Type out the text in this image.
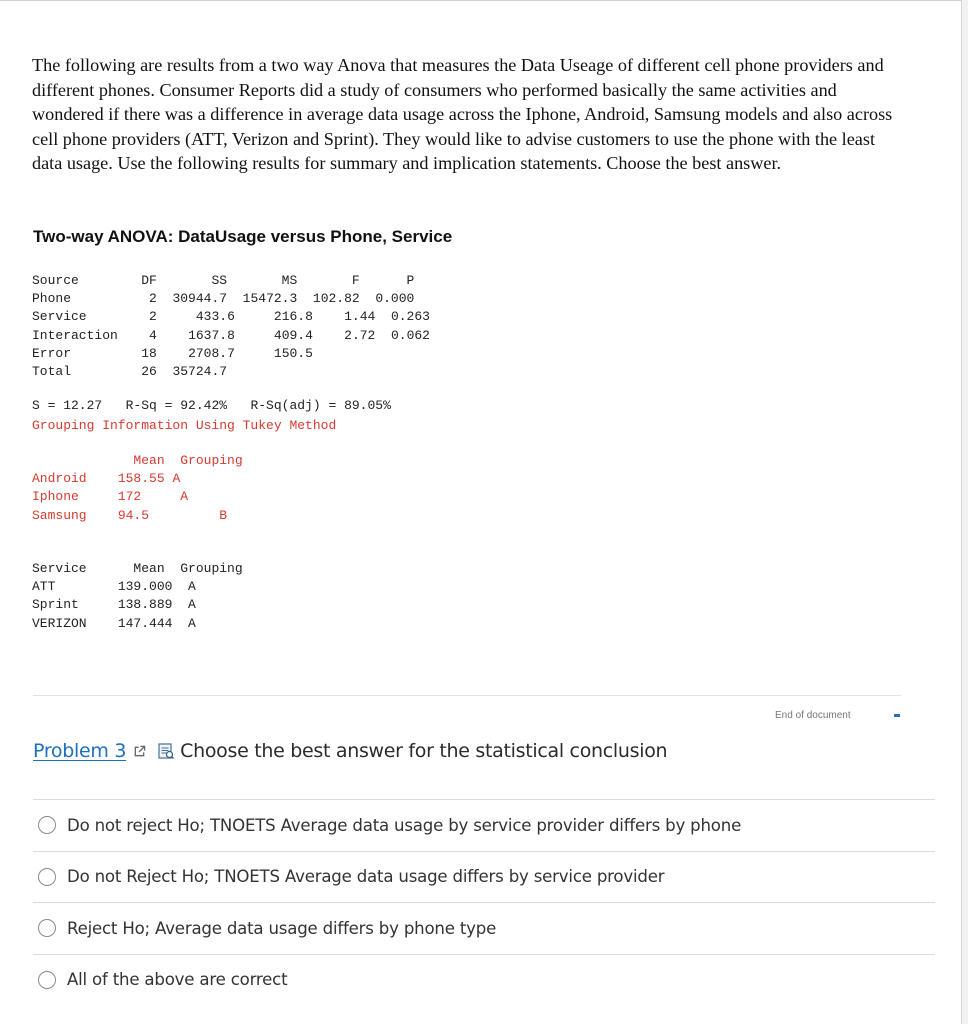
The following are results from a two way Anova that measures the Data Useage of different cell phone providers and different phones. Consumer Reports did a study of consumers who performed basically the same activities and wondered if there was a difference in average data usage across the Iphone, Android, Samsung models and also across cell phone providers (ATT, Verizon and Sprint). They would like to advise customers to use the phone with the least data usage. Use the following results for summary and implication statements. Choose the best answer.

Two-way ANOVA: DataUsage versus Phone, Service
Source	DF	SS	MS	F	P
Phone	2 30944.7 15472.3 102.82 0.000
Service	2	433.6	216.8 1.44 0.263
Interaction 4 1637.8	409.4 2.72 0.062
Error	18 2708.7	150.5
Total	26 35724.7
S = 12.27 R-Sq = 92.42% R-Sq(adj) = 89.05%
Grouping Information Using Tukey Method
Mean Grouping
Android 158.55 A
Iphone	172	A
Samsung 94.5	B
Service	Mean Grouping
ATT	139.000 A
Sprint	138.889 A
VERIZON 147.444 A
End of document
Problem 3	Choose the best answer for the statistical conclusion
Do not reject Ho; TNOETS Average data usage by service provider differs by phone
Do not Reject Ho; TNOETS Average data usage differs by service provider
Reject Ho; Average data usage differs by phone type
All of the above are correct
